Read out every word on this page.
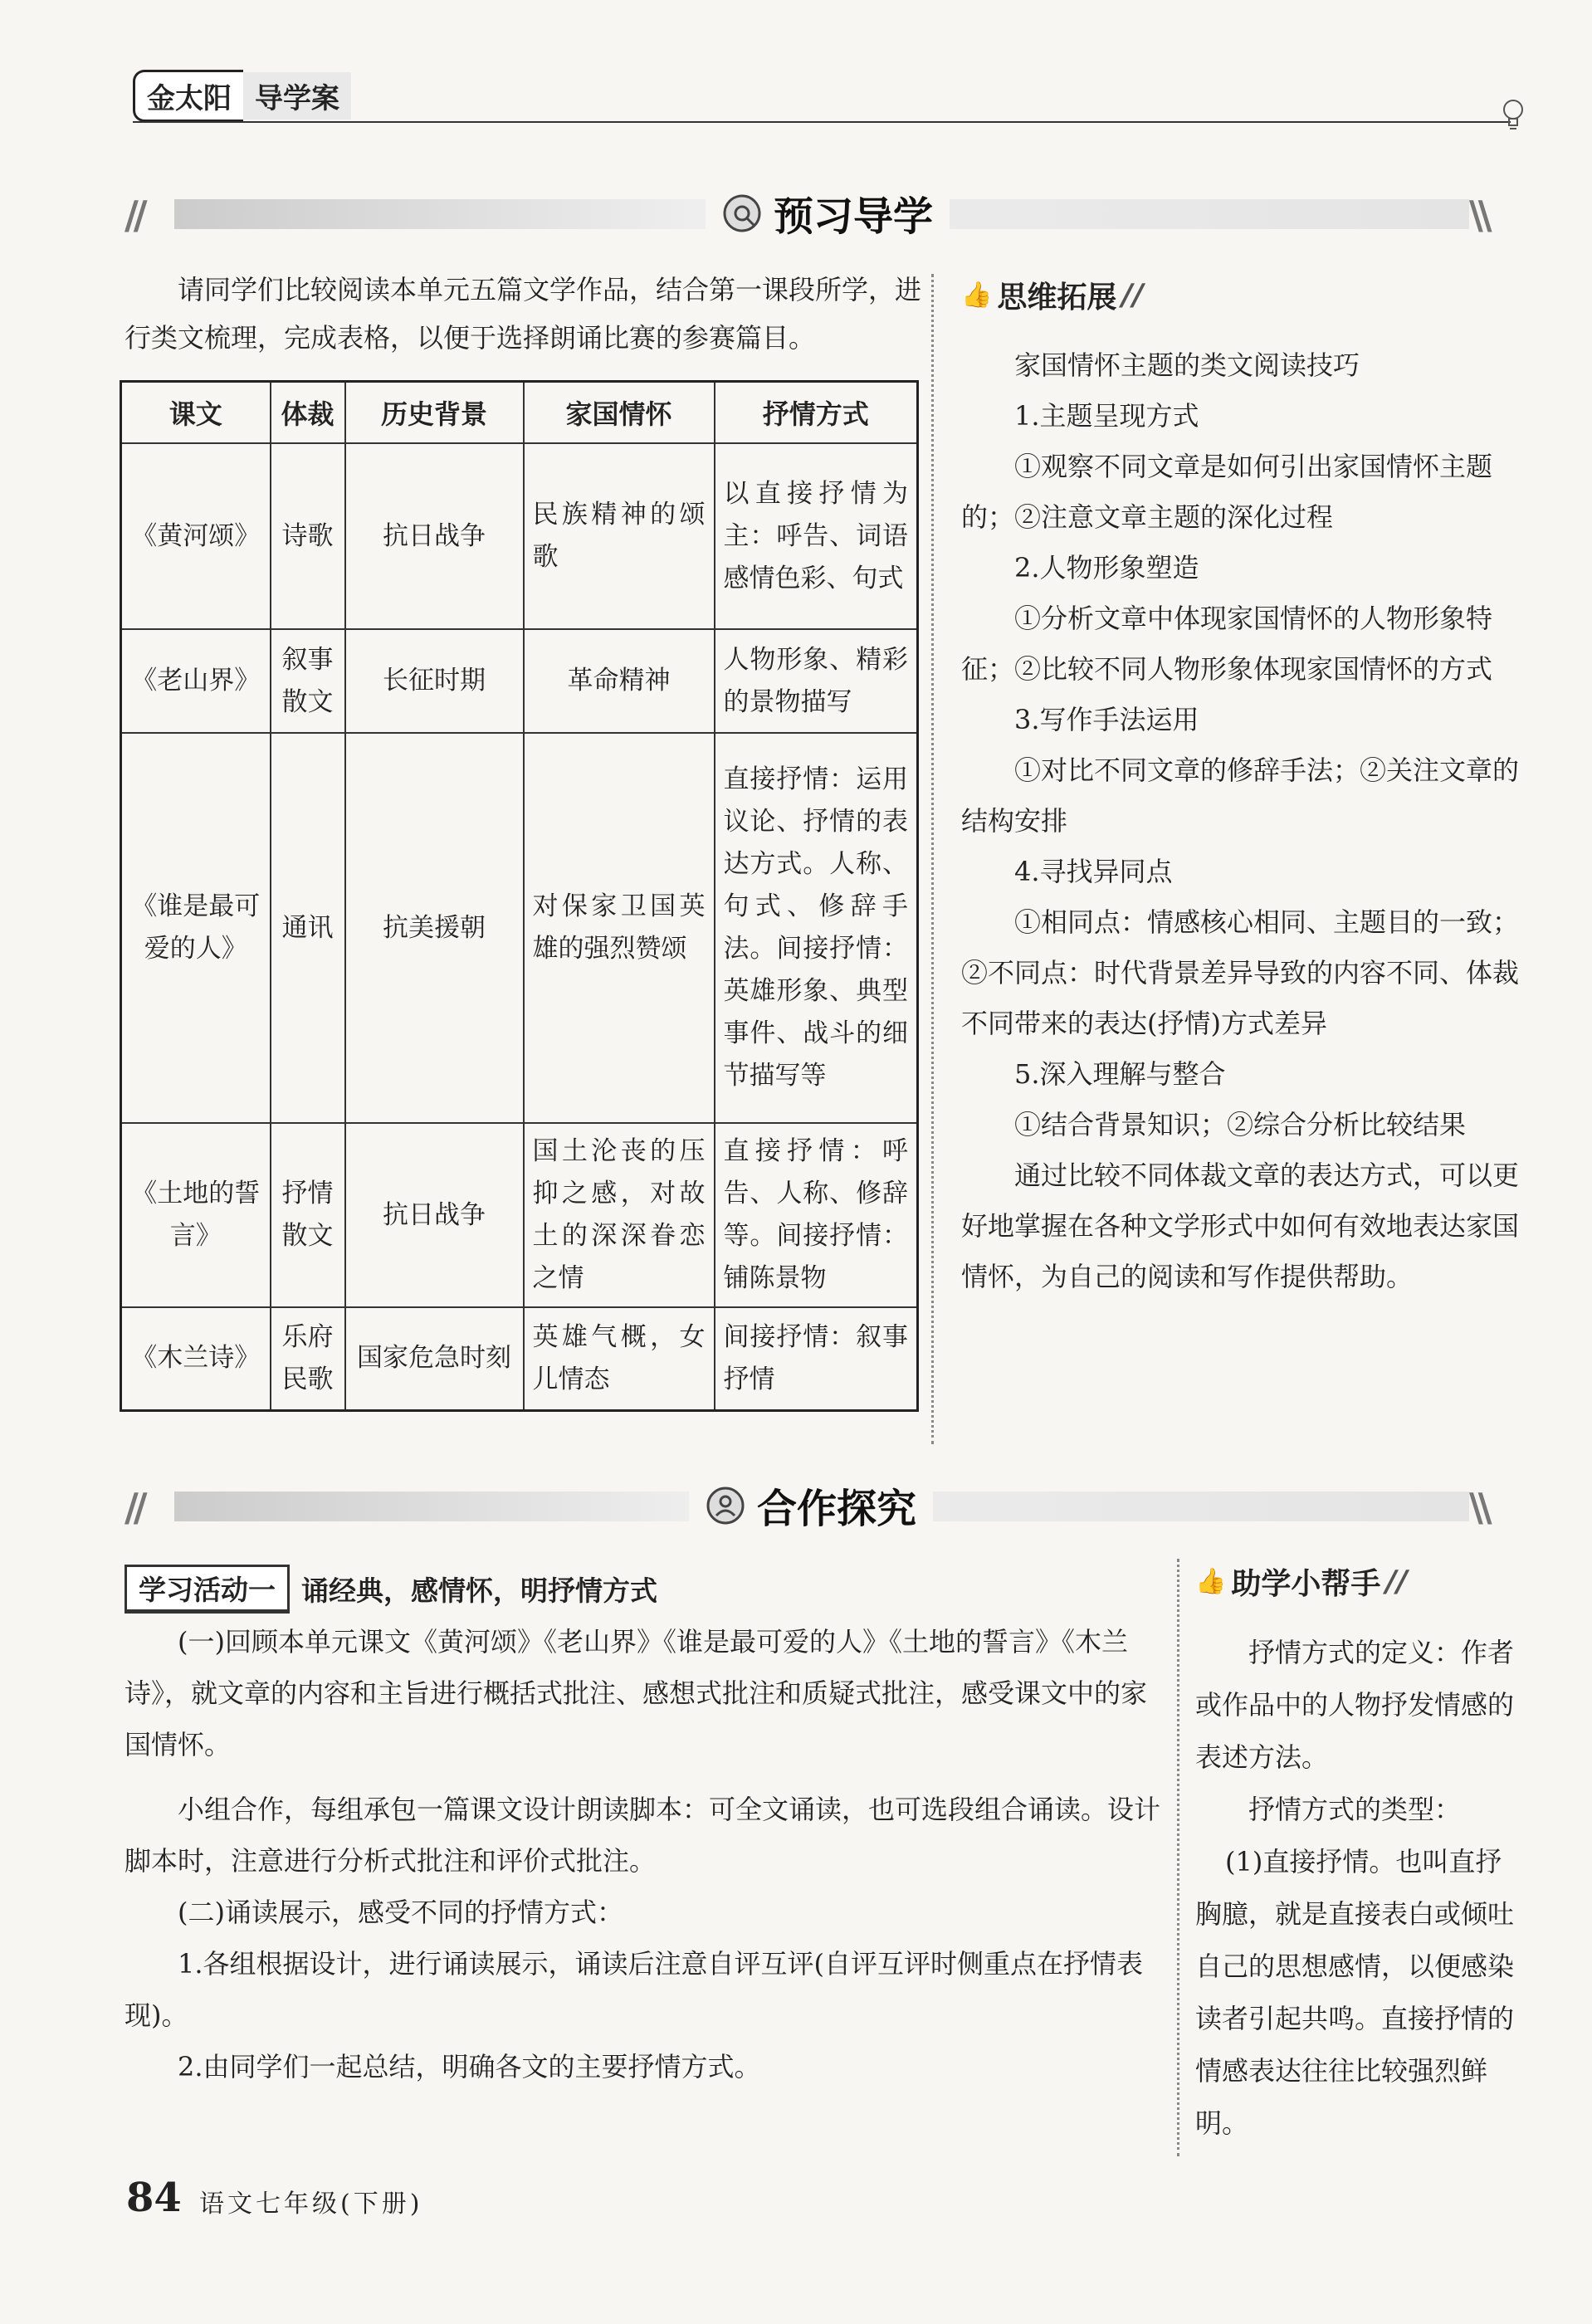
金太阳 导学案
//	\\
预习导学

请同学们比较阅读本单元五篇文学作品，结合第一课段所学，进行类文梳理，完成表格，以便于选择朗诵比赛的参赛篇目。

课文	体裁	历史背景	家国情怀	抒情方式
《黄河颂》	诗歌	抗日战争	民族精神的颂歌	以直接抒情为主：呼告、词语感情色彩、句式
《老山界》	叙事散文	长征时期	革命精神	人物形象、精彩的景物描写
《谁是最可爱的人》	通讯	抗美援朝	对保家卫国英雄的强烈赞颂	直接抒情：运用议论、抒情的表达方式。人称、句式、修辞手法。间接抒情：英雄形象、典型事件、战斗的细节描写等
《土地的誓言》	抒情散文	抗日战争	国土沦丧的压抑之感，对故土的深深眷恋之情	直接抒情：呼告、人称、修辞等。间接抒情：铺陈景物
《木兰诗》	乐府民歌	国家危急时刻	英雄气概，女儿情态	间接抒情：叙事抒情
👍 思维拓展 //

家国情怀主题的类文阅读技巧

1.主题呈现方式

①观察不同文章是如何引出家国情怀主题的；②注意文章主题的深化过程

2.人物形象塑造

①分析文章中体现家国情怀的人物形象特征；②比较不同人物形象体现家国情怀的方式

3.写作手法运用

①对比不同文章的修辞手法；②关注文章的结构安排

4.寻找异同点

①相同点：情感核心相同、主题目的一致；②不同点：时代背景差异导致的内容不同、体裁不同带来的表达(抒情)方式差异

5.深入理解与整合

①结合背景知识；②综合分析比较结果

通过比较不同体裁文章的表达方式，可以更好地掌握在各种文学形式中如何有效地表达家国情怀，为自己的阅读和写作提供帮助。

//	\\
合作探究
学习活动一 诵经典，感情怀，明抒情方式

(一)回顾本单元课文《黄河颂》《老山界》《谁是最可爱的人》《土地的誓言》《木兰诗》，就文章的内容和主旨进行概括式批注、感想式批注和质疑式批注，感受课文中的家国情怀。

小组合作，每组承包一篇课文设计朗读脚本：可全文诵读，也可选段组合诵读。设计脚本时，注意进行分析式批注和评价式批注。

(二)诵读展示，感受不同的抒情方式：

1.各组根据设计，进行诵读展示，诵读后注意自评互评(自评互评时侧重点在抒情表现)。

2.由同学们一起总结，明确各文的主要抒情方式。

👍 助学小帮手 //

抒情方式的定义：作者或作品中的人物抒发情感的表述方法。

抒情方式的类型：

(1)直接抒情。也叫直抒胸臆，就是直接表白或倾吐自己的思想感情，以便感染读者引起共鸣。直接抒情的情感表达往往比较强烈鲜明。

84 语文七年级(下册)
